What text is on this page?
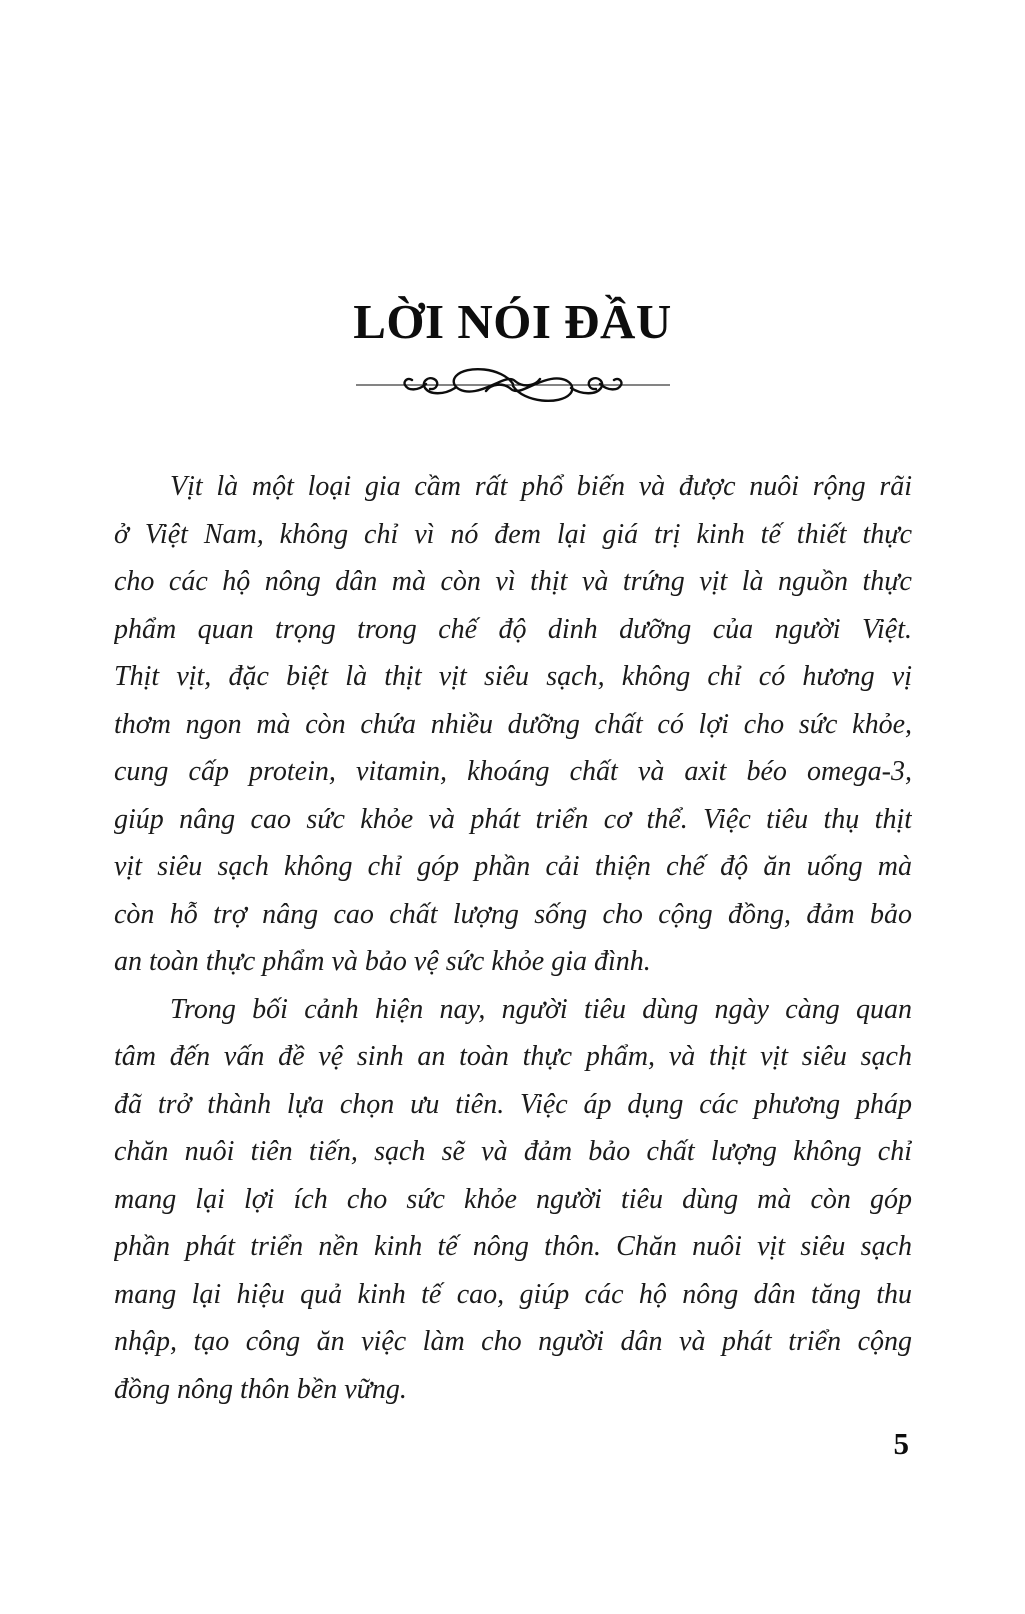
LỜI NÓI ĐẦU
Vịt là một loại gia cầm rất phổ biến và được nuôi rộng rãi
ở Việt Nam, không chỉ vì nó đem lại giá trị kinh tế thiết thực
cho các hộ nông dân mà còn vì thịt và trứng vịt là nguồn thực
phẩm quan trọng trong chế độ dinh dưỡng của người Việt.
Thịt vịt, đặc biệt là thịt vịt siêu sạch, không chỉ có hương vị
thơm ngon mà còn chứa nhiều dưỡng chất có lợi cho sức khỏe,
cung cấp protein, vitamin, khoáng chất và axit béo omega-3,
giúp nâng cao sức khỏe và phát triển cơ thể. Việc tiêu thụ thịt
vịt siêu sạch không chỉ góp phần cải thiện chế độ ăn uống mà
còn hỗ trợ nâng cao chất lượng sống cho cộng đồng, đảm bảo
an toàn thực phẩm và bảo vệ sức khỏe gia đình.
Trong bối cảnh hiện nay, người tiêu dùng ngày càng quan
tâm đến vấn đề vệ sinh an toàn thực phẩm, và thịt vịt siêu sạch
đã trở thành lựa chọn ưu tiên. Việc áp dụng các phương pháp
chăn nuôi tiên tiến, sạch sẽ và đảm bảo chất lượng không chỉ
mang lại lợi ích cho sức khỏe người tiêu dùng mà còn góp
phần phát triển nền kinh tế nông thôn. Chăn nuôi vịt siêu sạch
mang lại hiệu quả kinh tế cao, giúp các hộ nông dân tăng thu
nhập, tạo công ăn việc làm cho người dân và phát triển cộng
đồng nông thôn bền vững.
5
